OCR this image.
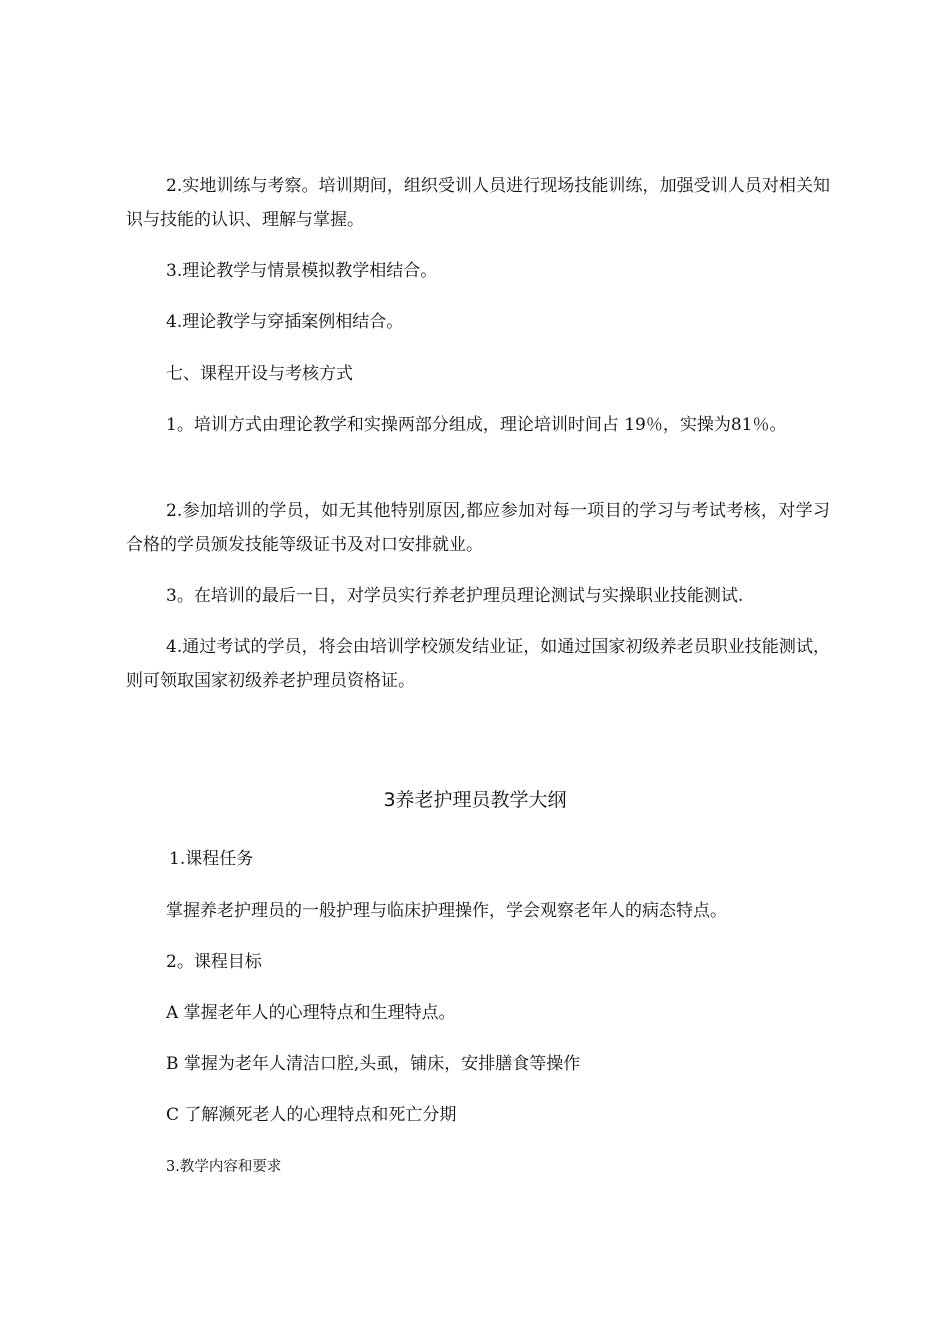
2.实地训练与考察。培训期间，组织受训人员进行现场技能训练，加强受训人员对相关知识与技能的认识、理解与掌握。

3.理论教学与情景模拟教学相结合。

4.理论教学与穿插案例相结合。

七、课程开设与考核方式

1。培训方式由理论教学和实操两部分组成，理论培训时间占 19％，实操为81％。

2.参加培训的学员，如无其他特别原因,都应参加对每一项目的学习与考试考核，对学习合格的学员颁发技能等级证书及对口安排就业。

3。在培训的最后一日，对学员实行养老护理员理论测试与实操职业技能测试.

4.通过考试的学员，将会由培训学校颁发结业证，如通过国家初级养老员职业技能测试，则可领取国家初级养老护理员资格证。

3养老护理员教学大纲

1.课程任务

掌握养老护理员的一般护理与临床护理操作，学会观察老年人的病态特点。

2。课程目标

A 掌握老年人的心理特点和生理特点。

B 掌握为老年人清洁口腔,头虱，铺床，安排膳食等操作

C 了解濒死老人的心理特点和死亡分期

3.教学内容和要求
